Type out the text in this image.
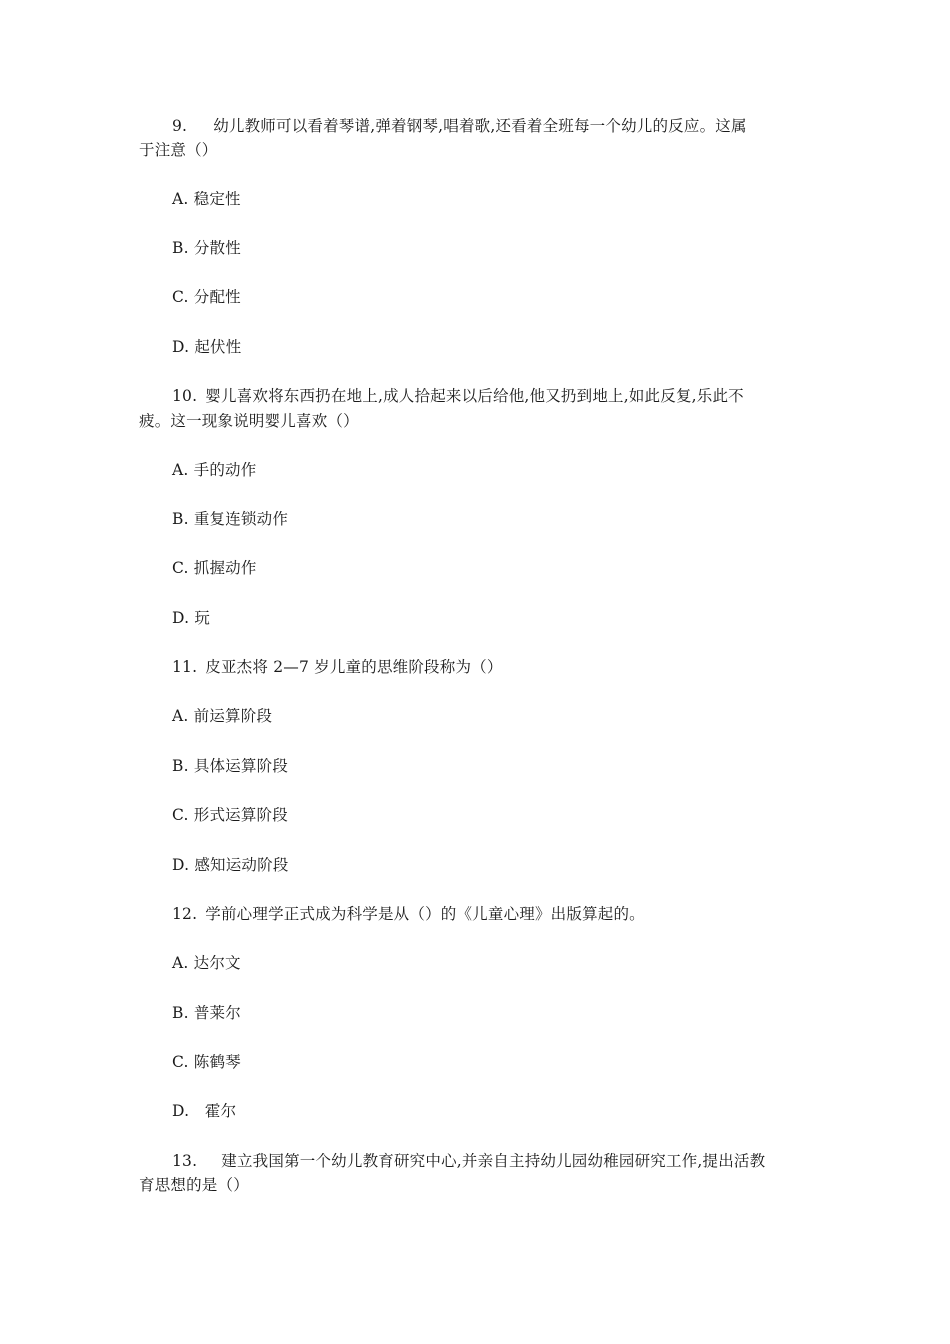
9. 幼儿教师可以看着琴谱,弹着钢琴,唱着歌,还看着全班每一个幼儿的反应。这属
于注意（）
A. 稳定性
B. 分散性
C. 分配性
D. 起伏性
10. 婴儿喜欢将东西扔在地上,成人拾起来以后给他,他又扔到地上,如此反复,乐此不
疲。这一现象说明婴儿喜欢（）
A. 手的动作
B. 重复连锁动作
C. 抓握动作
D. 玩
11. 皮亚杰将 2—7 岁儿童的思维阶段称为（）
A. 前运算阶段
B. 具体运算阶段
C. 形式运算阶段
D. 感知运动阶段
12. 学前心理学正式成为科学是从（）的《儿童心理》出版算起的。
A. 达尔文
B. 普莱尔
C. 陈鹤琴
D.　霍尔
13. 建立我国第一个幼儿教育研究中心,并亲自主持幼儿园幼稚园研究工作,提出活教
育思想的是（）
